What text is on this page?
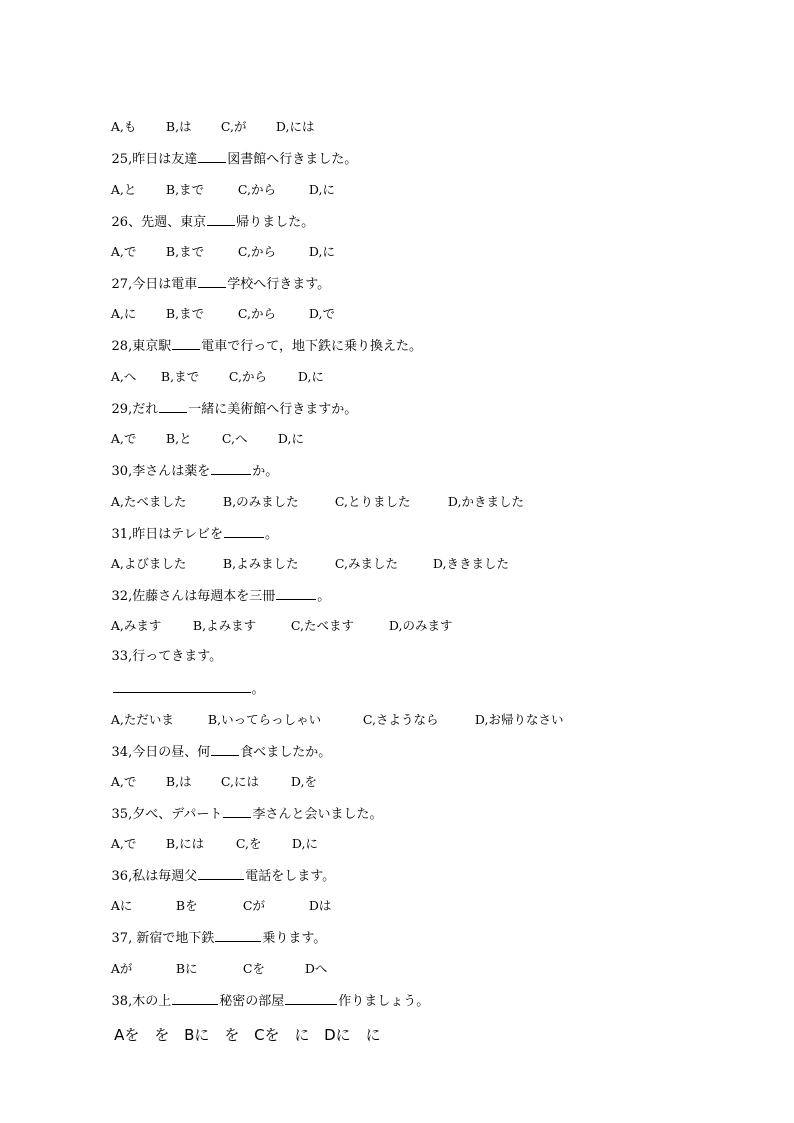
A,も B,は C,が D,には

25,昨日は友達 図書館へ行きました。

A,と B,まで	C,から	D,に

26、先週、東京 帰りました。

A,で B,まで	C,から	D,に

27,今日は電車 学校へ行きます。

A,に B,まで	C,から	D,で

28,東京駅 電車で行って，地下鉄に乗り換えた。

A,へ B,まで C,から D,に

29,だれ 一緒に美術館へ行きますか。

A,で B,と C,へ D,に

30,李さんは薬を	か。

A,たべました	B,のみました	C,とりました	D,かきました

31,昨日はテレビを	。

A,よびました	B,よみました	C,みました	D,ききました

32,佐藤さんは毎週本を三冊	。

A,みます	B,よみます	C,たべます	D,のみます

33,行ってきます。

。

A,ただいま	B,いってらっしゃい	C,さようなら	D,お帰りなさい

34,今日の昼、何 食べましたか。

A,で B,は C,には	D,を

35,夕べ、デパート 李さんと会いました。

A,で B,には	C,を D,に

36,私は毎週父	電話をします。

Aに	Bを	Cが	Dは

37, 新宿で地下鉄	乗ります。

Aが	Bに	Cを	Dへ

38,木の上	秘密の部屋	作りましょう。

Aを　を Bに　を Cを　に Dに　に
